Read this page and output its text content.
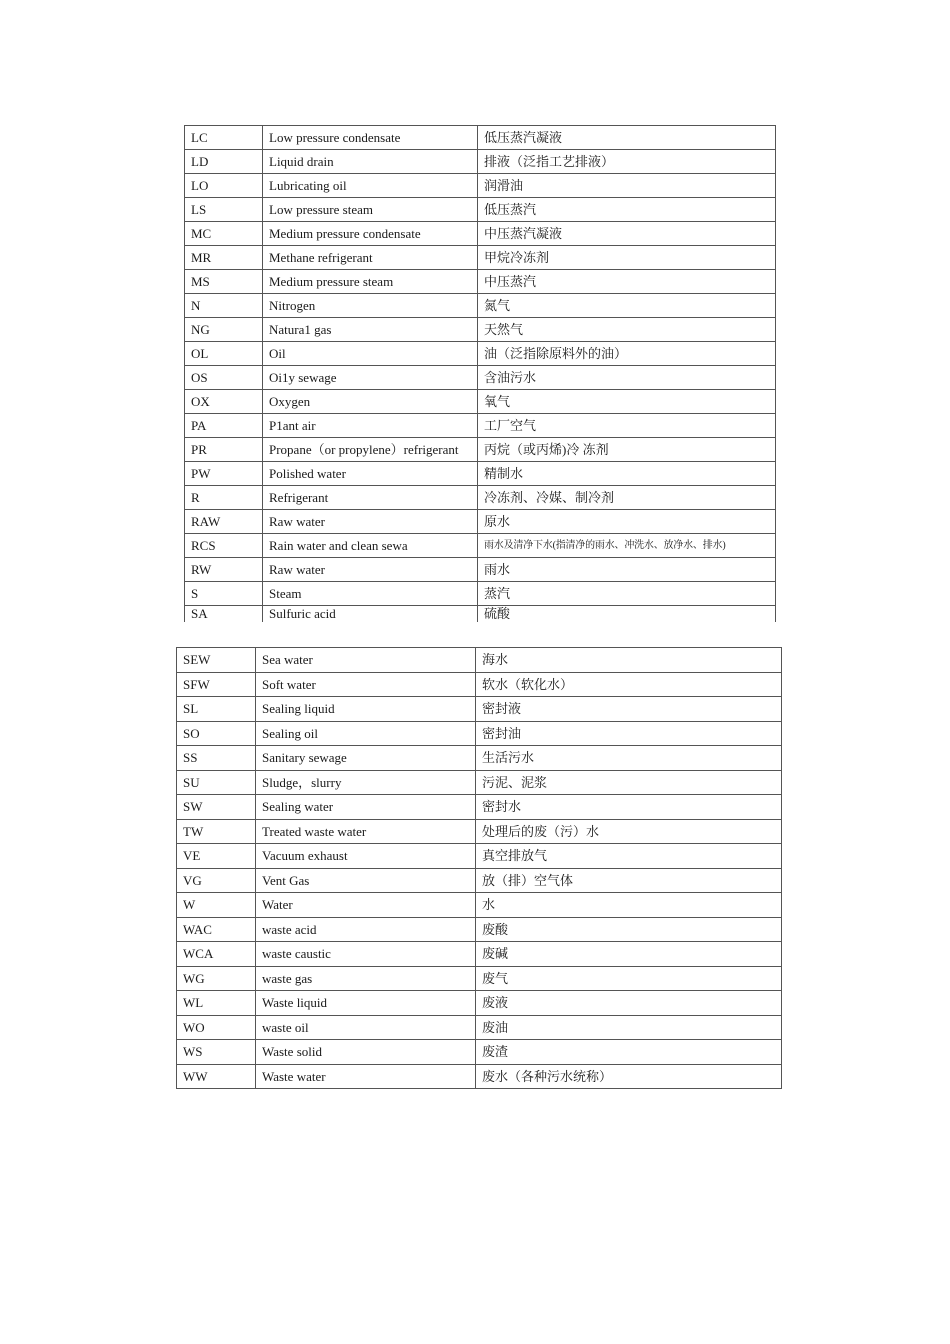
LC	Low pressure condensate	低压蒸汽凝液
LD	Liquid drain	排液（泛指工艺排液）
LO	Lubricating oil	润滑油
LS	Low pressure steam	低压蒸汽
MC	Medium pressure condensate	中压蒸汽凝液
MR	Methane refrigerant	甲烷冷冻剂
MS	Medium pressure steam	中压蒸汽
N	Nitrogen	氮气
NG	Natura1 gas	天然气
OL	Oil	油（泛指除原料外的油）
OS	Oi1y sewage	含油污水
OX	Oxygen	氧气
PA	P1ant air	工厂空气
PR	Propane（or propylene）refrigerant	丙烷（或丙烯)冷 冻剂
PW	Polished water	精制水
R	Refrigerant	冷冻剂、冷媒、制冷剂
RAW	Raw water	原水
RCS	Rain water and clean sewa	雨水及清净下水(指清净的雨水、冲洗水、放净水、排水)
RW	Raw water	雨水
S	Steam	蒸汽
SA	Sulfuric acid	硫酸
SEW	Sea water	海水
SFW	Soft water	软水（软化水）
SL	Sealing liquid	密封液
SO	Sealing oil	密封油
SS	Sanitary sewage	生活污水
SU	Sludge，slurry	污泥、泥浆
SW	Sealing water	密封水
TW	Treated waste water	处理后的废（污）水
VE	Vacuum exhaust	真空排放气
VG	Vent Gas	放（排）空气体
W	Water	水
WAC	waste acid	废酸
WCA	waste caustic	废碱
WG	waste gas	废气
WL	Waste liquid	废液
WO	waste oil	废油
WS	Waste solid	废渣
WW	Waste water	废水（各种污水统称）
